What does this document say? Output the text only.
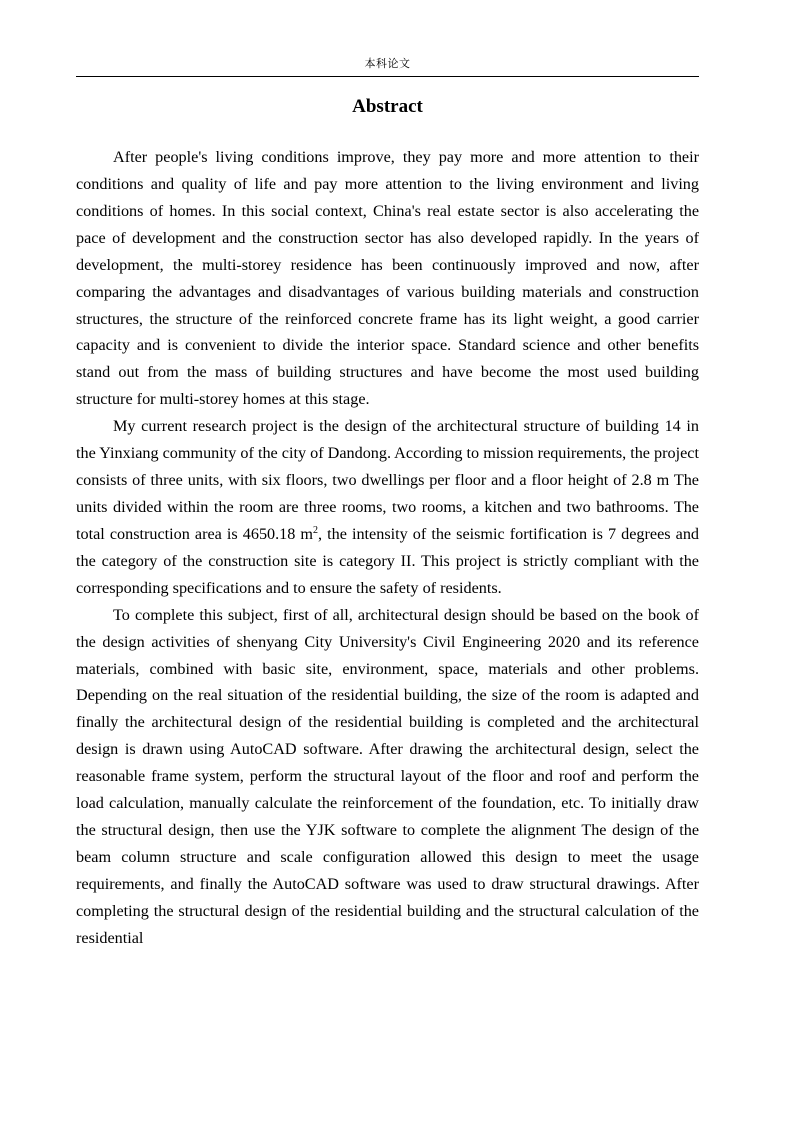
本科论文
Abstract

After people's living conditions improve, they pay more and more attention to their conditions and quality of life and pay more attention to the living environment and living conditions of homes. In this social context, China's real estate sector is also accelerating the pace of development and the construction sector has also developed rapidly. In the years of development, the multi-storey residence has been continuously improved and now, after comparing the advantages and disadvantages of various building materials and construction structures, the structure of the reinforced concrete frame has its light weight, a good carrier capacity and is convenient to divide the interior space. Standard science and other benefits stand out from the mass of building structures and have become the most used building structure for multi-storey homes at this stage.

My current research project is the design of the architectural structure of building 14 in the Yinxiang community of the city of Dandong. According to mission requirements, the project consists of three units, with six floors, two dwellings per floor and a floor height of 2.8 m The units divided within the room are three rooms, two rooms, a kitchen and two bathrooms. The total construction area is 4650.18 $m^2$, the intensity of the seismic fortification is 7 degrees and the category of the construction site is category II. This project is strictly compliant with the corresponding specifications and to ensure the safety of residents.

To complete this subject, first of all, architectural design should be based on the book of the design activities of shenyang City University's Civil Engineering 2020 and its reference materials, combined with basic site, environment, space, materials and other problems. Depending on the real situation of the residential building, the size of the room is adapted and finally the architectural design of the residential building is completed and the architectural design is drawn using AutoCAD software. After drawing the architectural design, select the reasonable frame system, perform the structural layout of the floor and roof and perform the load calculation, manually calculate the reinforcement of the foundation, etc. To initially draw the structural design, then use the YJK software to complete the alignment The design of the beam column structure and scale configuration allowed this design to meet the usage requirements, and finally the AutoCAD software was used to draw structural drawings. After completing the structural design of the residential building and the structural calculation of the residential
